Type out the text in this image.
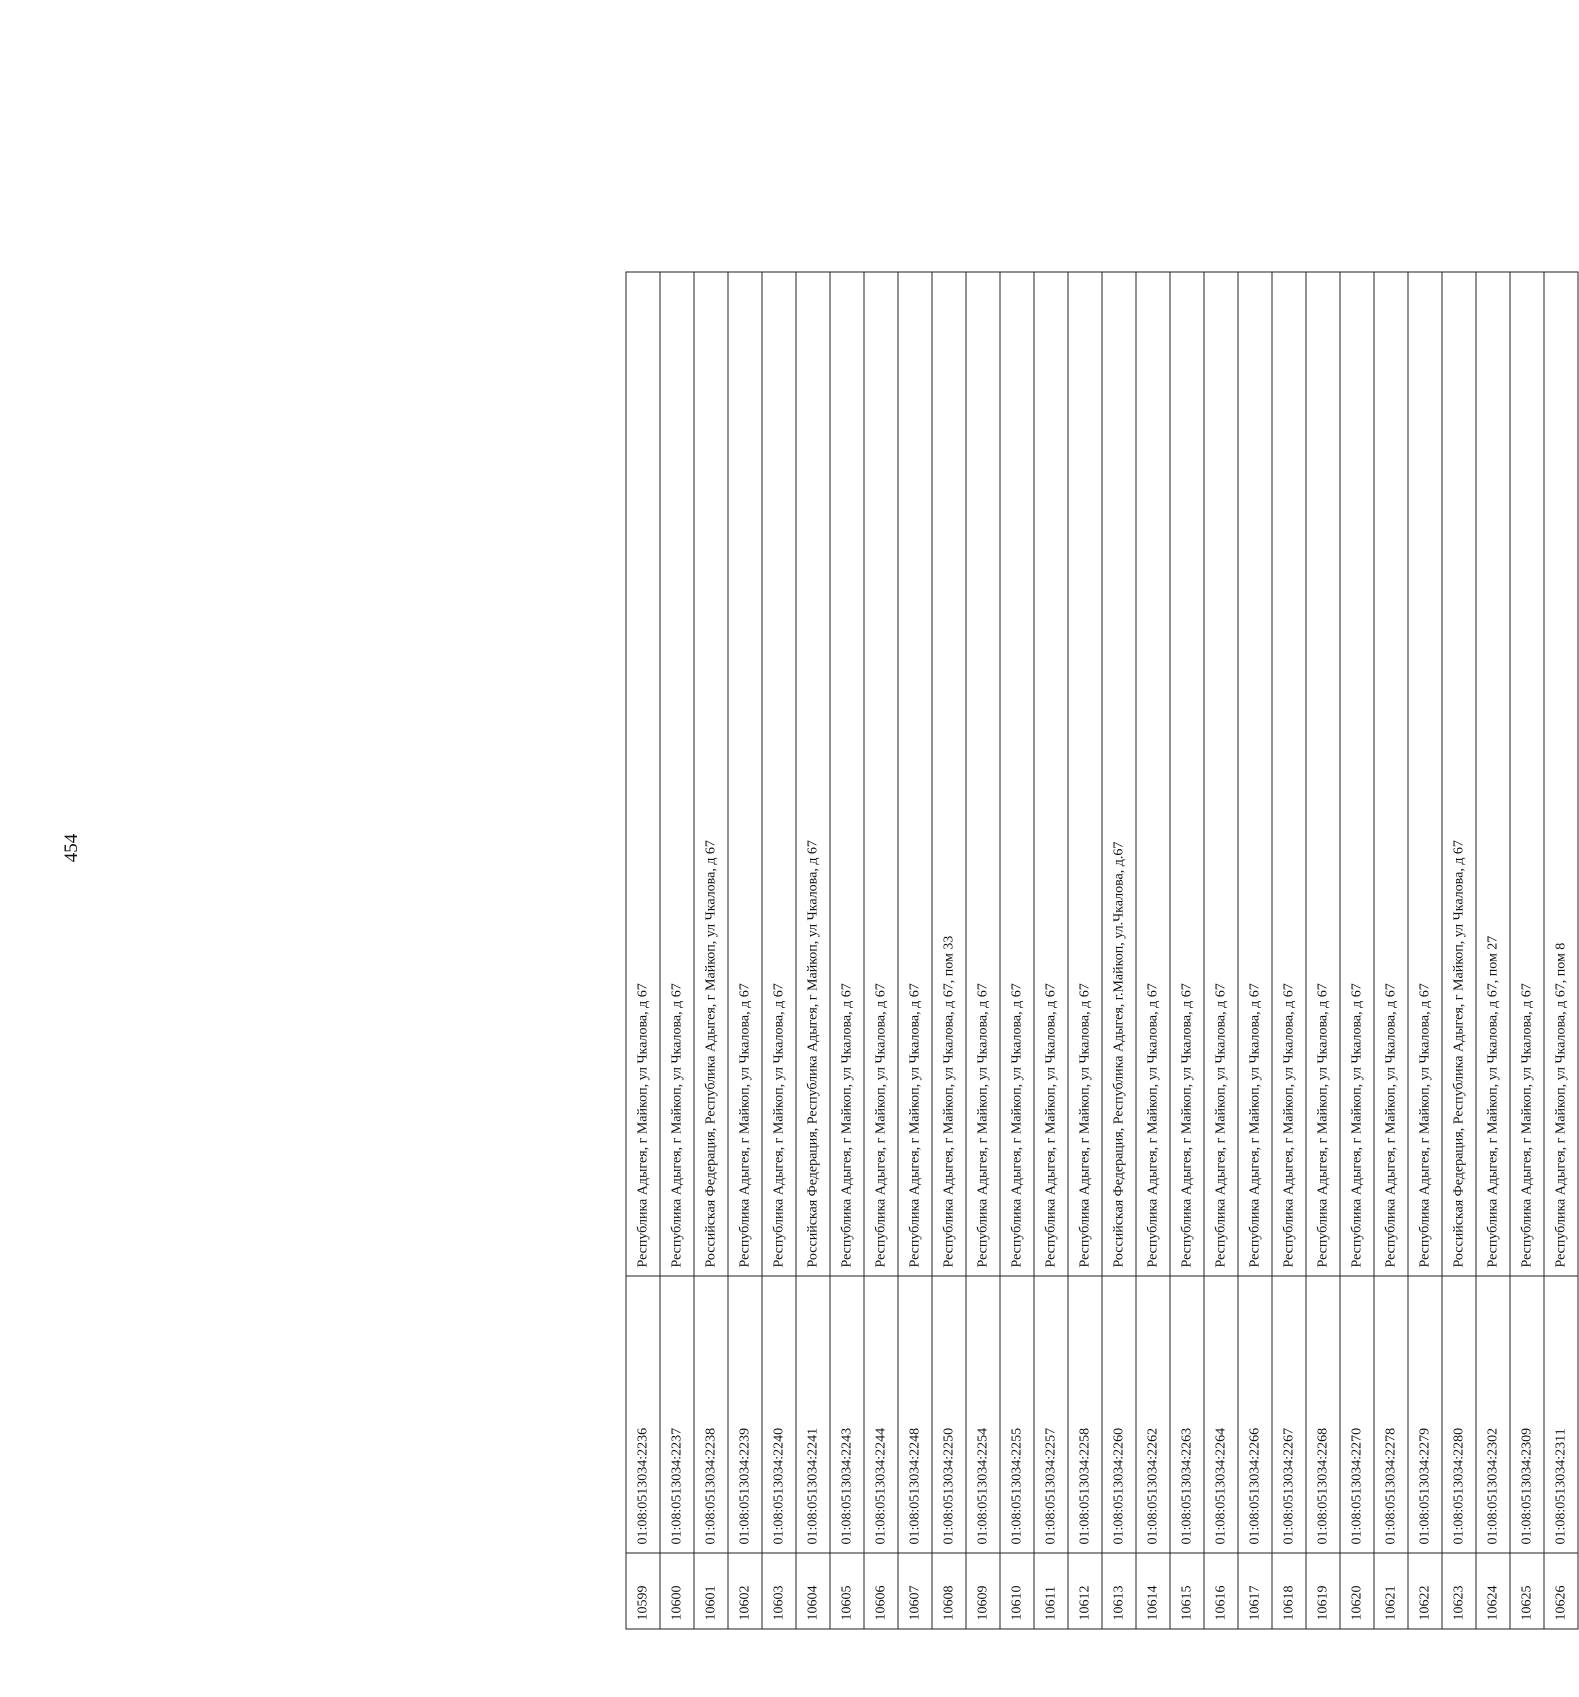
454
10599	01:08:0513034:2236	Республика Адыгея, г Майкоп, ул Чкалова, д 67
10600	01:08:0513034:2237	Республика Адыгея, г Майкоп, ул Чкалова, д 67
10601	01:08:0513034:2238	Российская Федерация, Республика Адыгея, г Майкоп, ул Чкалова, д 67
10602	01:08:0513034:2239	Республика Адыгея, г Майкоп, ул Чкалова, д 67
10603	01:08:0513034:2240	Республика Адыгея, г Майкоп, ул Чкалова, д 67
10604	01:08:0513034:2241	Российская Федерация, Республика Адыгея, г Майкоп, ул Чкалова, д 67
10605	01:08:0513034:2243	Республика Адыгея, г Майкоп, ул Чкалова, д 67
10606	01:08:0513034:2244	Республика Адыгея, г Майкоп, ул Чкалова, д 67
10607	01:08:0513034:2248	Республика Адыгея, г Майкоп, ул Чкалова, д 67
10608	01:08:0513034:2250	Республика Адыгея, г Майкоп, ул Чкалова, д 67, пом 33
10609	01:08:0513034:2254	Республика Адыгея, г Майкоп, ул Чкалова, д 67
10610	01:08:0513034:2255	Республика Адыгея, г Майкоп, ул Чкалова, д 67
10611	01:08:0513034:2257	Республика Адыгея, г Майкоп, ул Чкалова, д 67
10612	01:08:0513034:2258	Республика Адыгея, г Майкоп, ул Чкалова, д 67
10613	01:08:0513034:2260	Российская Федерация, Республика Адыгея, г.Майкоп, ул.Чкалова, д.67
10614	01:08:0513034:2262	Республика Адыгея, г Майкоп, ул Чкалова, д 67
10615	01:08:0513034:2263	Республика Адыгея, г Майкоп, ул Чкалова, д 67
10616	01:08:0513034:2264	Республика Адыгея, г Майкоп, ул Чкалова, д 67
10617	01:08:0513034:2266	Республика Адыгея, г Майкоп, ул Чкалова, д 67
10618	01:08:0513034:2267	Республика Адыгея, г Майкоп, ул Чкалова, д 67
10619	01:08:0513034:2268	Республика Адыгея, г Майкоп, ул Чкалова, д 67
10620	01:08:0513034:2270	Республика Адыгея, г Майкоп, ул Чкалова, д 67
10621	01:08:0513034:2278	Республика Адыгея, г Майкоп, ул Чкалова, д 67
10622	01:08:0513034:2279	Республика Адыгея, г Майкоп, ул Чкалова, д 67
10623	01:08:0513034:2280	Российская Федерация, Республика Адыгея, г Майкоп, ул Чкалова, д 67
10624	01:08:0513034:2302	Республика Адыгея, г Майкоп, ул Чкалова, д 67, пом 27
10625	01:08:0513034:2309	Республика Адыгея, г Майкоп, ул Чкалова, д 67
10626	01:08:0513034:2311	Республика Адыгея, г Майкоп, ул Чкалова, д 67, пом 8
